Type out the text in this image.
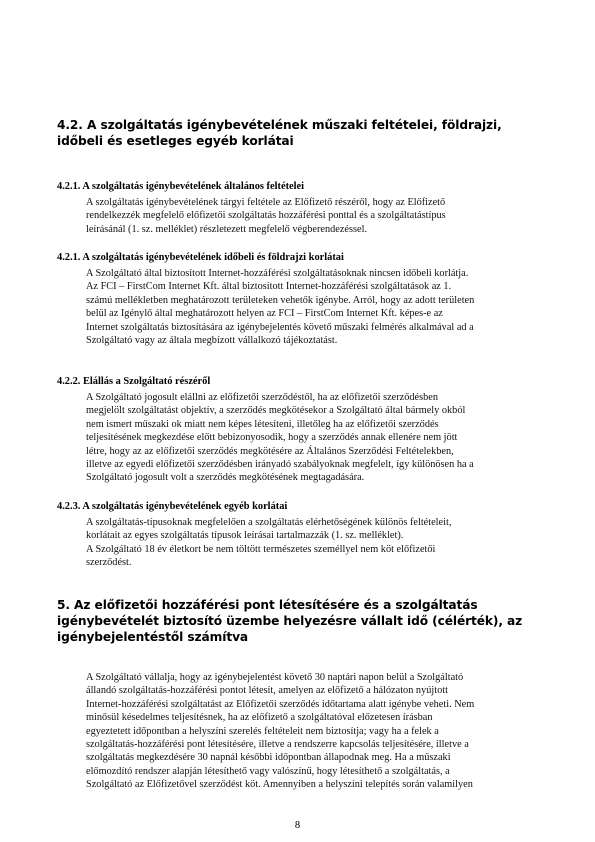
4.2. A szolgáltatás igénybevételének műszaki feltételei, földrajzi, időbeli és esetleges egyéb korlátai
4.2.1. A szolgáltatás igénybevételének általános feltételei
A szolgáltatás igénybevételének tárgyi feltétele az Előfizető részéről, hogy az Előfizető
rendelkezzék megfelelő előfizetői szolgáltatás hozzáférési ponttal és a szolgáltatástípus
leírásánál (1. sz. melléklet) részletezett megfelelő végberendezéssel.
4.2.1. A szolgáltatás igénybevételének időbeli és földrajzi korlátai
A Szolgáltató által biztosított Internet-hozzáférési szolgáltatásoknak nincsen időbeli korlátja.
Az FCI – FirstCom Internet Kft. által biztosított Internet-hozzáférési szolgáltatások az 1.
számú mellékletben meghatározott területeken vehetők igénybe. Arról, hogy az adott területen
belül az Igénylő által meghatározott helyen az FCI – FirstCom Internet Kft. képes-e az
Internet szolgáltatás biztosítására az igénybejelentés követő műszaki felmérés alkalmával ad a
Szolgáltató vagy az általa megbízott vállalkozó tájékoztatást.
4.2.2. Elállás a Szolgáltató részéről
A Szolgáltató jogosult elállni az előfizetői szerződéstől, ha az előfizetői szerződésben
megjelölt szolgáltatást objektív, a szerződés megkötésekor a Szolgáltató által bármely okból
nem ismert műszaki ok miatt nem képes létesíteni, illetőleg ha az előfizetői szerződés
teljesítésének megkezdése előtt bebizonyosodik, hogy a szerződés annak ellenére nem jött
létre, hogy az az előfizetői szerződés megkötésére az Általános Szerződési Feltételekben,
illetve az egyedi előfizetői szerződésben irányadó szabályoknak megfelelt, így különösen ha a
Szolgáltató jogosult volt a szerződés megkötésének megtagadására.
4.2.3. A szolgáltatás igénybevételének egyéb korlátai
A szolgáltatás-típusoknak megfelelően a szolgáltatás elérhetőségének különös feltételeit,
korlátait az egyes szolgáltatás típusok leírásai tartalmazzák (1. sz. melléklet).
A Szolgáltató 18 év életkort be nem töltött természetes személlyel nem köt előfizetői
szerződést.
5. Az előfizetői hozzáférési pont létesítésére és a szolgáltatás igénybevételét biztosító üzembe helyezésre vállalt idő (célérték), az igénybejelentéstől számítva
A Szolgáltató vállalja, hogy az igénybejelentést követő 30 naptári napon belül a Szolgáltató
állandó szolgáltatás-hozzáférési pontot létesít, amelyen az előfizető a hálózaton nyújtott
Internet-hozzáférési szolgáltatást az Előfizetői szerződés időtartama alatt igénybe veheti. Nem
minősül késedelmes teljesítésnek, ha az előfizető a szolgáltatóval előzetesen írásban
egyeztetett időpontban a helyszíni szerelés feltételeit nem biztosítja; vagy ha a felek a
szolgáltatás-hozzáférési pont létesítésére, illetve a rendszerre kapcsolás teljesítésére, illetve a
szolgáltatás megkezdésére 30 napnál későbbi időpontban állapodnak meg. Ha a műszaki
előmozdító rendszer alapján létesíthető vagy valószínű, hogy létesíthető a szolgáltatás, a
Szolgáltató az Előfizetővel szerződést köt. Amennyiben a helyszíni telepítés során valamilyen
8
